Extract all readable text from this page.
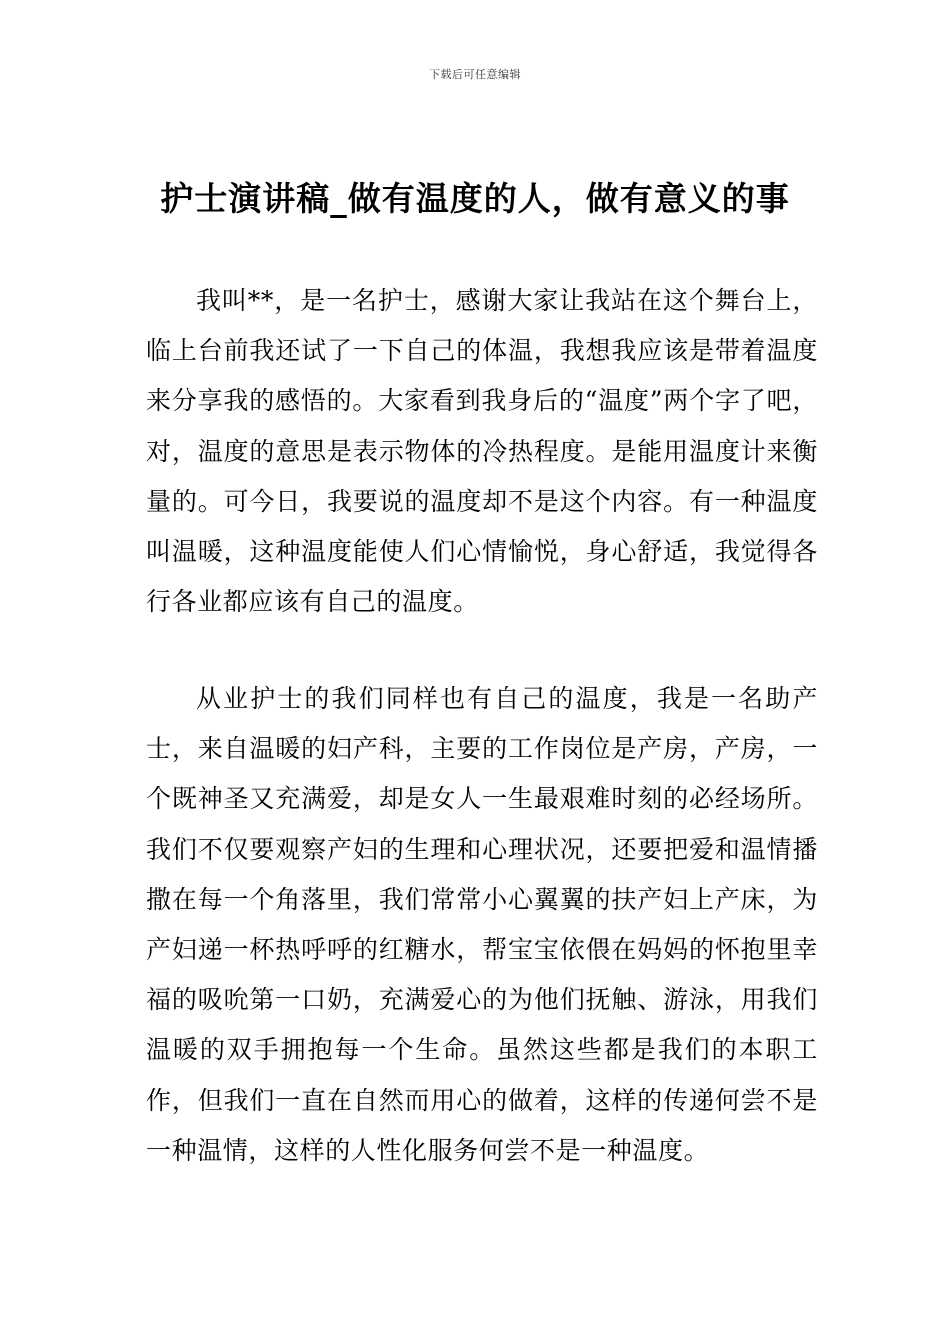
下载后可任意编辑
护士演讲稿_做有温度的人，做有意义的事

我叫**，是一名护士，感谢大家让我站在这个舞台上，临上台前我还试了一下自己的体温，我想我应该是带着温度来分享我的感悟的。大家看到我身后的“温度”两个字了吧，对，温度的意思是表示物体的冷热程度。是能用温度计来衡量的。可今日，我要说的温度却不是这个内容。有一种温度叫温暖，这种温度能使人们心情愉悦，身心舒适，我觉得各行各业都应该有自己的温度。

从业护士的我们同样也有自己的温度，我是一名助产士，来自温暖的妇产科，主要的工作岗位是产房，产房，一个既神圣又充满爱，却是女人一生最艰难时刻的必经场所。我们不仅要观察产妇的生理和心理状况，还要把爱和温情播撒在每一个角落里，我们常常小心翼翼的扶产妇上产床，为产妇递一杯热呼呼的红糖水，帮宝宝依偎在妈妈的怀抱里幸福的吸吮第一口奶，充满爱心的为他们抚触、游泳，用我们温暖的双手拥抱每一个生命。虽然这些都是我们的本职工作，但我们一直在自然而用心的做着，这样的传递何尝不是一种温情，这样的人性化服务何尝不是一种温度。
